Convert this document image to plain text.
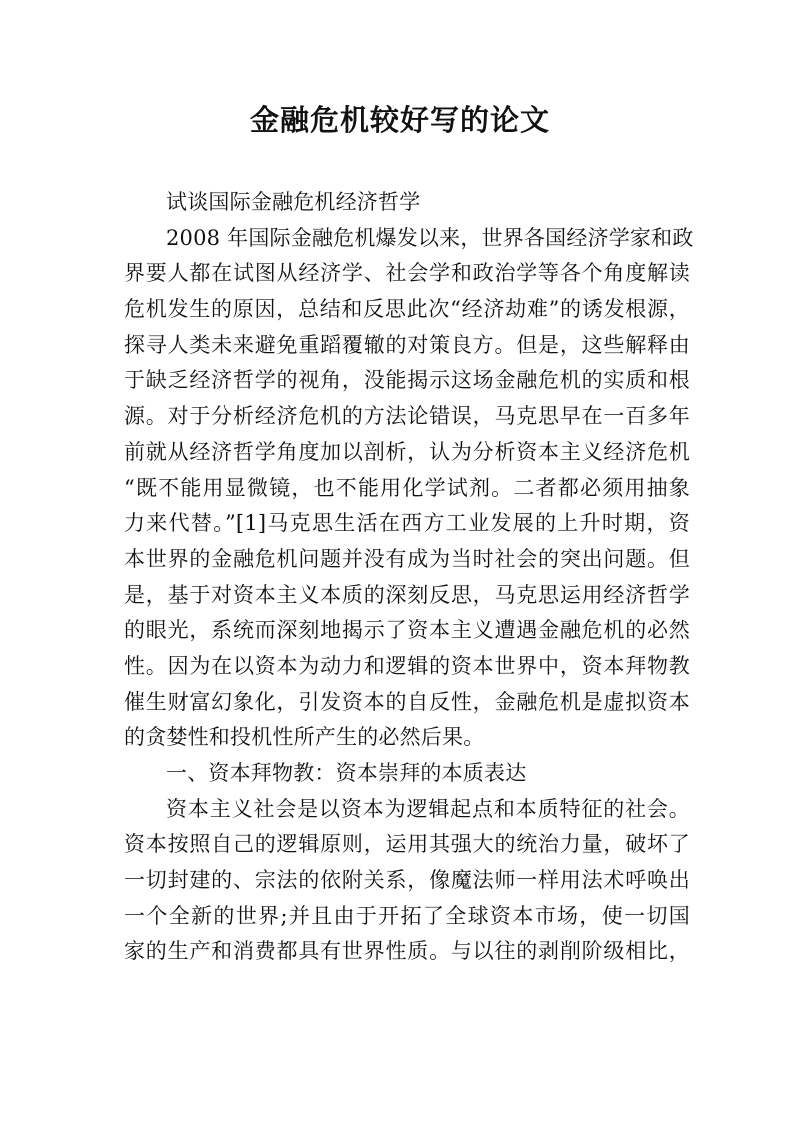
金融危机较好写的论文
试谈国际金融危机经济哲学
2008 年国际金融危机爆发以来，世界各国经济学家和政
界要人都在试图从经济学、社会学和政治学等各个角度解读
危机发生的原因，总结和反思此次“经济劫难”的诱发根源，
探寻人类未来避免重蹈覆辙的对策良方。但是，这些解释由
于缺乏经济哲学的视角，没能揭示这场金融危机的实质和根
源。对于分析经济危机的方法论错误，马克思早在一百多年
前就从经济哲学角度加以剖析，认为分析资本主义经济危机
“既不能用显微镜，也不能用化学试剂。二者都必须用抽象
力来代替。”[1]马克思生活在西方工业发展的上升时期，资
本世界的金融危机问题并没有成为当时社会的突出问题。但
是，基于对资本主义本质的深刻反思，马克思运用经济哲学
的眼光，系统而深刻地揭示了资本主义遭遇金融危机的必然
性。因为在以资本为动力和逻辑的资本世界中，资本拜物教
催生财富幻象化，引发资本的自反性，金融危机是虚拟资本
的贪婪性和投机性所产生的必然后果。
一、资本拜物教：资本崇拜的本质表达
资本主义社会是以资本为逻辑起点和本质特征的社会。
资本按照自己的逻辑原则，运用其强大的统治力量，破坏了
一切封建的、宗法的依附关系，像魔法师一样用法术呼唤出
一个全新的世界;并且由于开拓了全球资本市场，使一切国
家的生产和消费都具有世界性质。与以往的剥削阶级相比，
